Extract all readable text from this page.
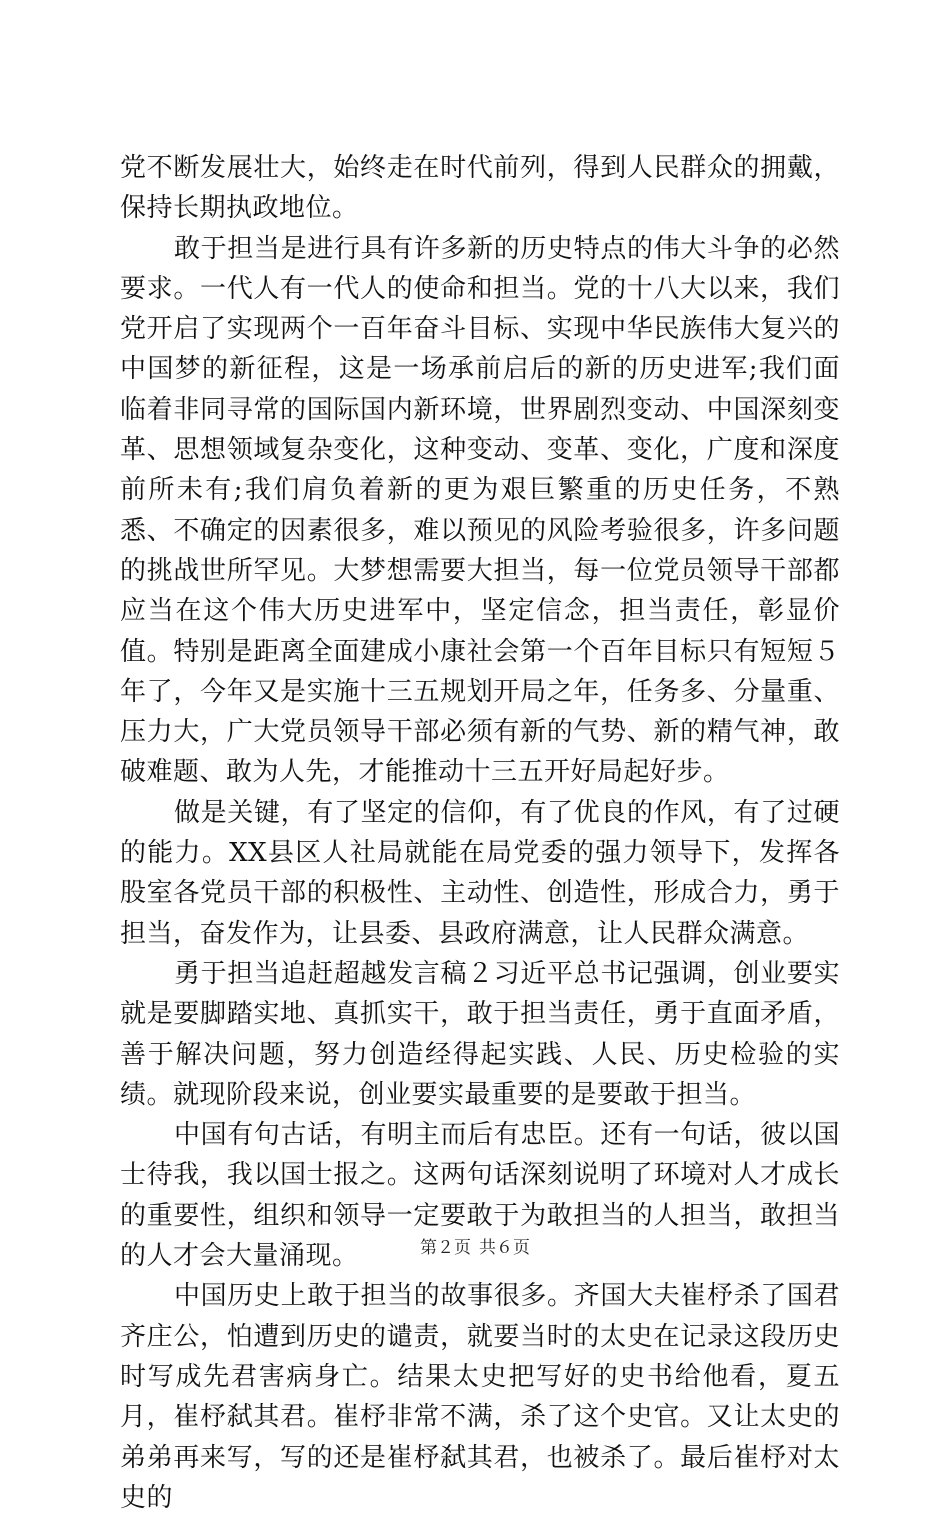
党不断发展壮大，始终走在时代前列，得到人民群众的拥戴，保持长期执政地位。

敢于担当是进行具有许多新的历史特点的伟大斗争的必然要求。一代人有一代人的使命和担当。党的十八大以来，我们党开启了实现两个一百年奋斗目标、实现中华民族伟大复兴的中国梦的新征程，这是一场承前启后的新的历史进军;我们面临着非同寻常的国际国内新环境，世界剧烈变动、中国深刻变革、思想领域复杂变化，这种变动、变革、变化，广度和深度前所未有;我们肩负着新的更为艰巨繁重的历史任务，不熟悉、不确定的因素很多，难以预见的风险考验很多，许多问题的挑战世所罕见。大梦想需要大担当，每一位党员领导干部都应当在这个伟大历史进军中，坚定信念，担当责任，彰显价值。特别是距离全面建成小康社会第一个百年目标只有短短５年了，今年又是实施十三五规划开局之年，任务多、分量重、压力大，广大党员领导干部必须有新的气势、新的精气神，敢破难题、敢为人先，才能推动十三五开好局起好步。

做是关键，有了坚定的信仰，有了优良的作风，有了过硬的能力。XX县区人社局就能在局党委的强力领导下，发挥各股室各党员干部的积极性、主动性、创造性，形成合力，勇于担当，奋发作为，让县委、县政府满意，让人民群众满意。

勇于担当追赶超越发言稿２习近平总书记强调，创业要实就是要脚踏实地、真抓实干，敢于担当责任，勇于直面矛盾，善于解决问题，努力创造经得起实践、人民、历史检验的实绩。就现阶段来说，创业要实最重要的是要敢于担当。

中国有句古话，有明主而后有忠臣。还有一句话，彼以国士待我，我以国士报之。这两句话深刻说明了环境对人才成长的重要性，组织和领导一定要敢于为敢担当的人担当，敢担当的人才会大量涌现。

中国历史上敢于担当的故事很多。齐国大夫崔杼杀了国君齐庄公，怕遭到历史的谴责，就要当时的太史在记录这段历史时写成先君害病身亡。结果太史把写好的史书给他看，夏五月，崔杼弑其君。崔杼非常不满，杀了这个史官。又让太史的弟弟再来写，写的还是崔杼弑其君，也被杀了。最后崔杼对太史的

第２页 共６页
